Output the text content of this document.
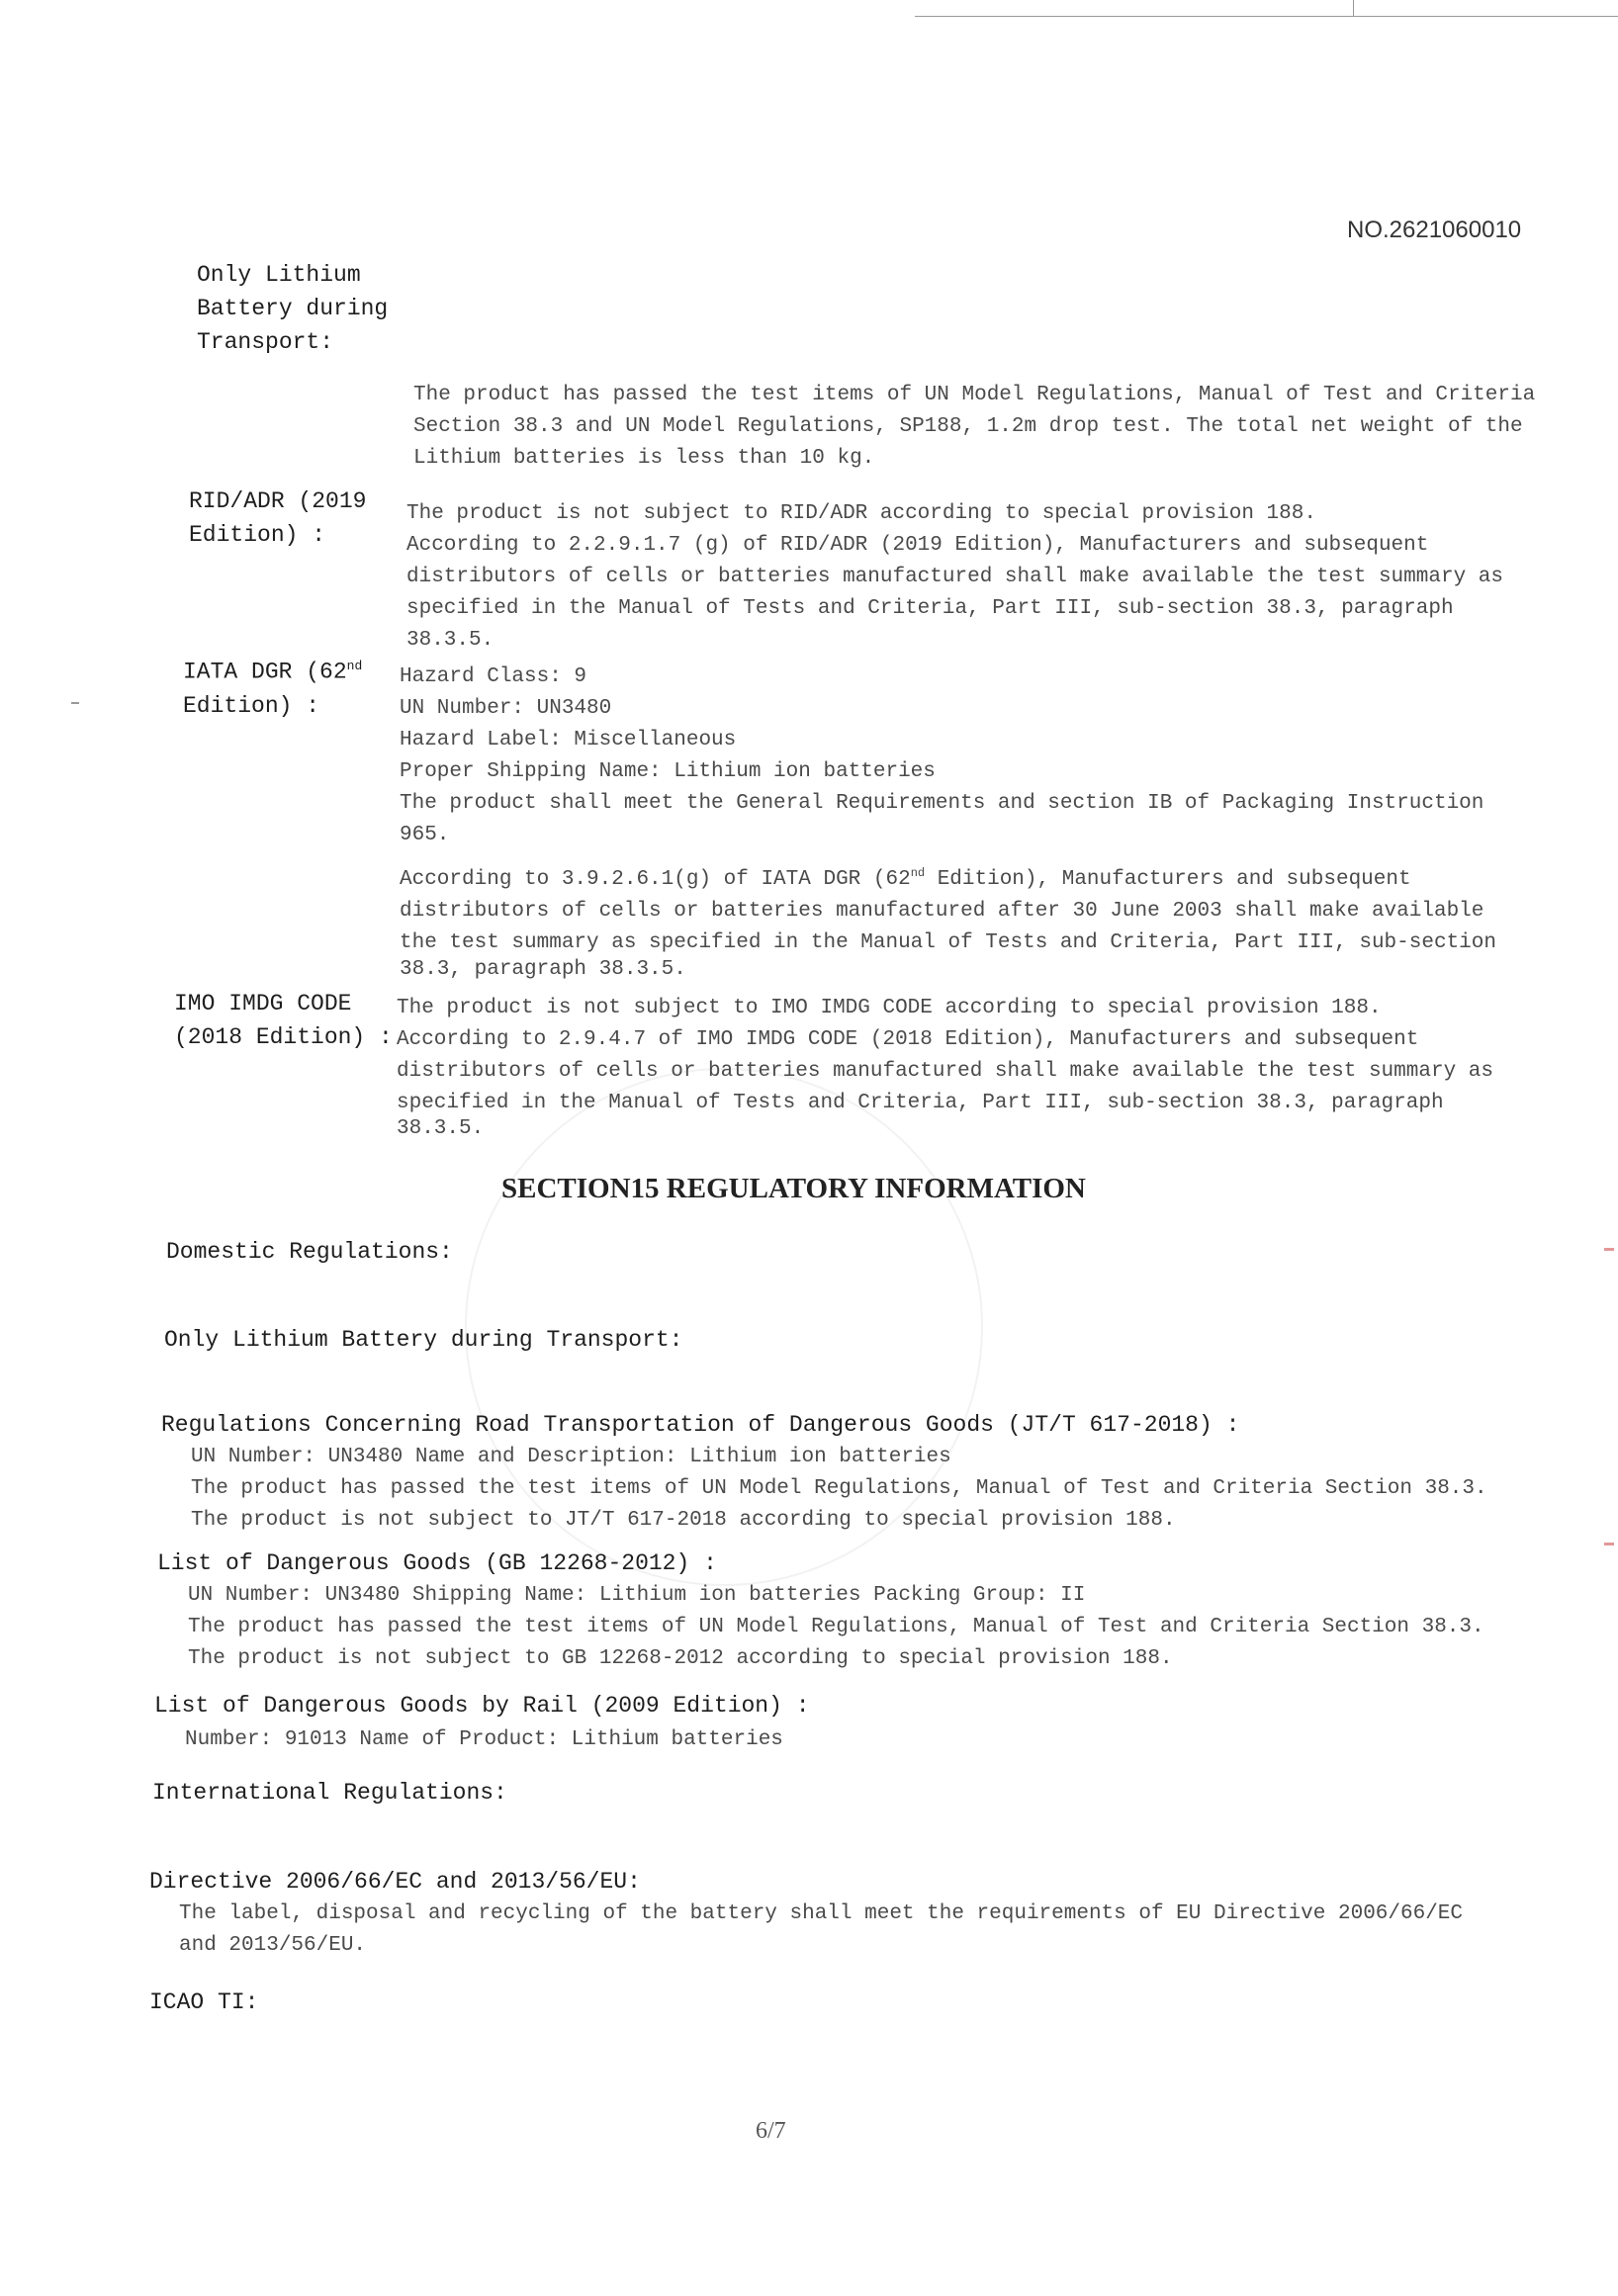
NO.2621060010
Only Lithium
Battery during
Transport:
The product has passed the test items of UN Model Regulations, Manual of Test and Criteria
Section 38.3 and UN Model Regulations, SP188, 1.2m drop test. The total net weight of the
Lithium batteries is less than 10 kg.
RID/ADR (2019
Edition) :
The product is not subject to RID/ADR according to special provision 188.
According to 2.2.9.1.7 (g) of RID/ADR (2019 Edition), Manufacturers and subsequent
distributors of cells or batteries manufactured shall make available the test summary as
specified in the Manual of Tests and Criteria, Part III, sub-section 38.3, paragraph
38.3.5.
IATA DGR (62nd
Edition) :
Hazard Class: 9
UN Number: UN3480
Hazard Label: Miscellaneous
Proper Shipping Name: Lithium ion batteries
The product shall meet the General Requirements and section IB of Packaging Instruction
965.
According to 3.9.2.6.1(g) of IATA DGR (62nd Edition), Manufacturers and subsequent
distributors of cells or batteries manufactured after 30 June 2003 shall make available
the test summary as specified in the Manual of Tests and Criteria, Part III, sub-section
38.3, paragraph 38.3.5.
IMO IMDG CODE
(2018 Edition) :
The product is not subject to IMO IMDG CODE according to special provision 188.
According to 2.9.4.7 of IMO IMDG CODE (2018 Edition), Manufacturers and subsequent
distributors of cells or batteries manufactured shall make available the test summary as
specified in the Manual of Tests and Criteria, Part III, sub-section 38.3, paragraph
38.3.5.
SECTION15 REGULATORY INFORMATION
Domestic Regulations:
Only Lithium Battery during Transport:
Regulations Concerning Road Transportation of Dangerous Goods (JT/T 617-2018) :
UN Number: UN3480 Name and Description: Lithium ion batteries
The product has passed the test items of UN Model Regulations, Manual of Test and Criteria Section 38.3.
The product is not subject to JT/T 617-2018 according to special provision 188.
List of Dangerous Goods (GB 12268-2012) :
UN Number: UN3480 Shipping Name: Lithium ion batteries Packing Group: II
The product has passed the test items of UN Model Regulations, Manual of Test and Criteria Section 38.3.
The product is not subject to GB 12268-2012 according to special provision 188.
List of Dangerous Goods by Rail (2009 Edition) :
Number: 91013 Name of Product: Lithium batteries
International Regulations:
Directive 2006/66/EC and 2013/56/EU:
The label, disposal and recycling of the battery shall meet the requirements of EU Directive 2006/66/EC
and 2013/56/EU.
ICAO TI:
6/7
